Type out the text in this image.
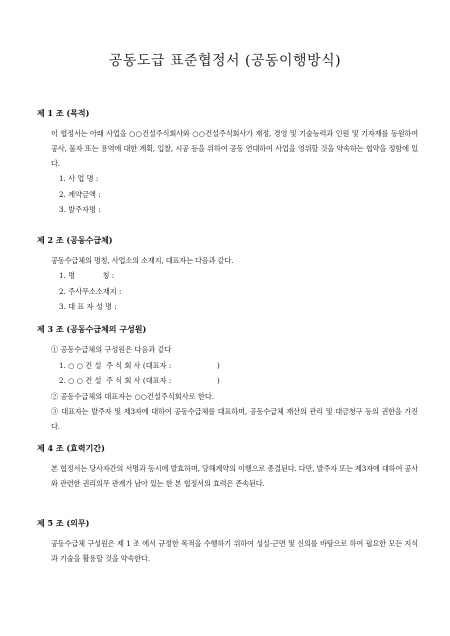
공동도급 표준협정서 (공동이행방식)
제 1 조 (목적)
이 협정서는 아래 사업을 ○○건설주식회사와 ○○건설주식회사가 재정, 경영 및 기술능력과 인원 및 기자재를 동원하여 공사, 물자 또는 용역에 대한 계획, 입찰, 시공 등을 위하여 공동 연대하여 사업을 영위할 것을 약속하는 협약을 정함에 있다.
1. 사 업 명 :
2. 계약금액 :
3. 발주자명 :
제 2 조 (공동수급체)
공동수급체의 명칭, 사업소의 소재지, 대표자는 다음과 같다.
1. 명            칭 :
2. 주사무소소재지 :
3. 대 표 자 성 명 :
제 3 조 (공동수급체의 구성원)
① 공동수급체의 구성원은 다음과 같다
1. ○ ○ 건 설  주 식 회 사 (대표자 :                    )
2. ○ ○ 건 설  주 식 회 사 (대표자 :                    )
② 공동수급체의 대표자는 ○○건설주식회사로 한다.
③ 대표자는 발주자 및 제3자에 대하여 공동수급체를 대표하며, 공동수급체 재산의 관리 및 대금청구 등의 권한을 가진다.
제 4 조 (효력기간)
본 협정서는 당사자간의 서명과 동시에 발효하며, 당해계약의 이행으로 종결된다. 다만, 발주자 또는 제3자에 대하여 공사와 관련한 권리의무 관계가 남아 있는 한 본 협정서의 효력은 존속된다.
제 5 조 (의무)
공동수급체 구성원은 제 1 조 에서 규정한 목적을 수행하기 위하여 성실·근면 및 신의를 바탕으로 하여 필요한 모든 지식과 기술을 활용할 것을 약속한다.
